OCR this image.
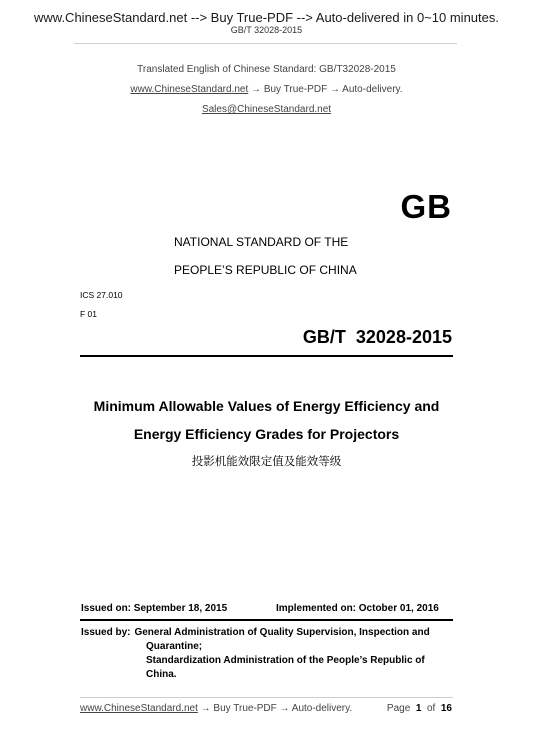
www.ChineseStandard.net --> Buy True-PDF --> Auto-delivered in 0~10 minutes.
GB/T 32028-2015
Translated English of Chinese Standard: GB/T32028-2015
www.ChineseStandard.net → Buy True-PDF → Auto-delivery.
Sales@ChineseStandard.net
GB
NATIONAL STANDARD OF THE
PEOPLE’S REPUBLIC OF CHINA
ICS 27.010
F 01
GB/T  32028-2015
Minimum Allowable Values of Energy Efficiency and
Energy Efficiency Grades for Projectors
投影机能效限定值及能效等级
Issued on: September 18, 2015	Implemented on: October 01, 2016
Issued by: General Administration of Quality Supervision, Inspection and
Quarantine;
Standardization Administration of the People’s Republic of
China.
www.ChineseStandard.net → Buy True-PDF → Auto-delivery.	Page 1 of 16
